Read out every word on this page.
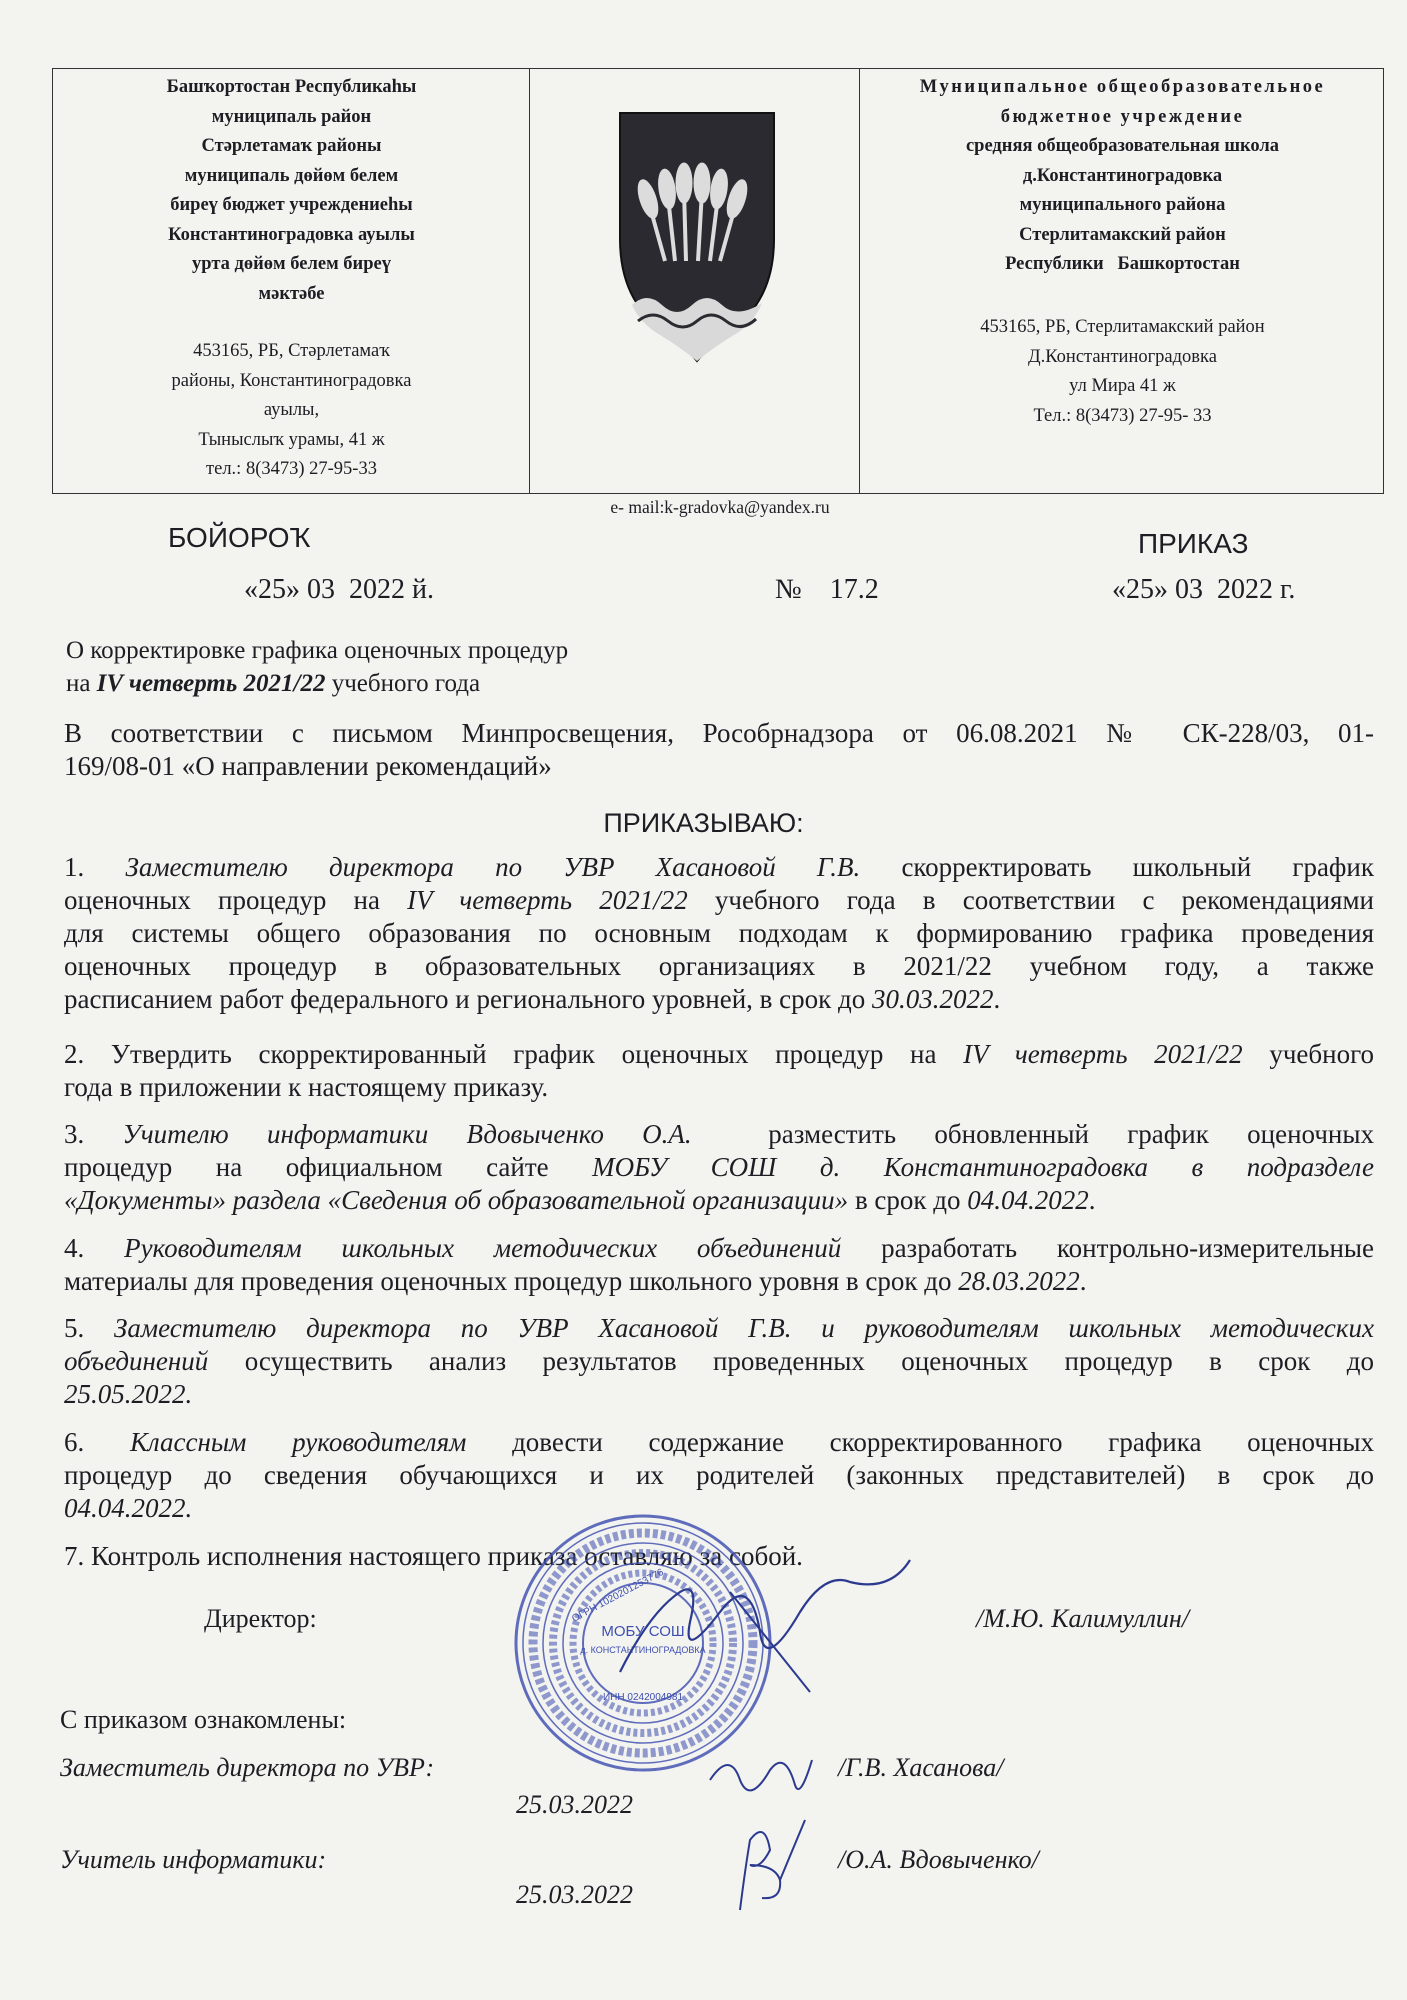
Башҡортостан Республикаһы
муниципаль район
Стәрлетамаҡ районы
муниципаль дөйөм белем
биреү бюджет учреждениеһы
Константиноградовка ауылы
урта дөйөм белем биреү
мәктәбе
453165, РБ, Стәрлетамаҡ
районы, Константиноградовка
ауылы,
Тыныслыҡ урамы, 41 ж
тел.: 8(3473) 27-95-33
Муниципальное общеобразовательное
бюджетное учреждение
средняя общеобразовательная школа
д.Константиноградовка
муниципального района
Стерлитамакский район
Республики   Башкортостан
453165, РБ, Стерлитамакский район
Д.Константиноградовка
ул Мира 41 ж
Тел.: 8(3473) 27-95- 33
e- mail:k-gradovka@yandex.ru
БОЙОРОҠ	ПРИКАЗ
«25» 03  2022 й.	№    17.2	«25» 03  2022 г.
О корректировке графика оценочных процедур
на IV четверть 2021/22 учебного года
В соответствии с письмом Минпросвещения, Рособрнадзора от 06.08.2021 № СК-228/03, 01-
169/08-01 «О направлении рекомендаций»
ПРИКАЗЫВАЮ:
1. Заместителю директора по УВР Хасановой Г.В. скорректировать школьный график
оценочных процедур на IV четверть 2021/22 учебного года в соответствии с рекомендациями
для системы общего образования по основным подходам к формированию графика проведения
оценочных процедур в образовательных организациях в 2021/22 учебном году, а также
расписанием работ федерального и регионального уровней, в срок до 30.03.2022.
2. Утвердить скорректированный график оценочных процедур на IV четверть 2021/22 учебного
года в приложении к настоящему приказу.
3. Учителю информатики Вдовыченко О.А.  разместить обновленный график оценочных
процедур на официальном сайте МОБУ СОШ д. Константиноградовка в подразделе
«Документы» раздела «Сведения об образовательной организации» в срок до 04.04.2022.
4. Руководителям школьных методических объединений разработать контрольно-измерительные
материалы для проведения оценочных процедур школьного уровня в срок до 28.03.2022.
5. Заместителю директора по УВР Хасановой Г.В. и руководителям школьных методических
объединений осуществить анализ результатов проведенных оценочных процедур в срок до
25.05.2022.
6. Классным руководителям довести содержание скорректированного графика оценочных
процедур до сведения обучающихся и их родителей (законных представителей) в срок до
04.04.2022.
7. Контроль исполнения настоящего приказа оставляю за собой.
МОБУ СОШ
д. КОНСТАНТИНОГРАДОВКА
ОГРН 1020201253776
ИНН 0242004981
Директор:	/М.Ю. Калимуллин/
С приказом ознакомлены:
Заместитель директора по УВР:	/Г.В. Хасанова/
25.03.2022
Учитель информатики:	/О.А. Вдовыченко/
25.03.2022
